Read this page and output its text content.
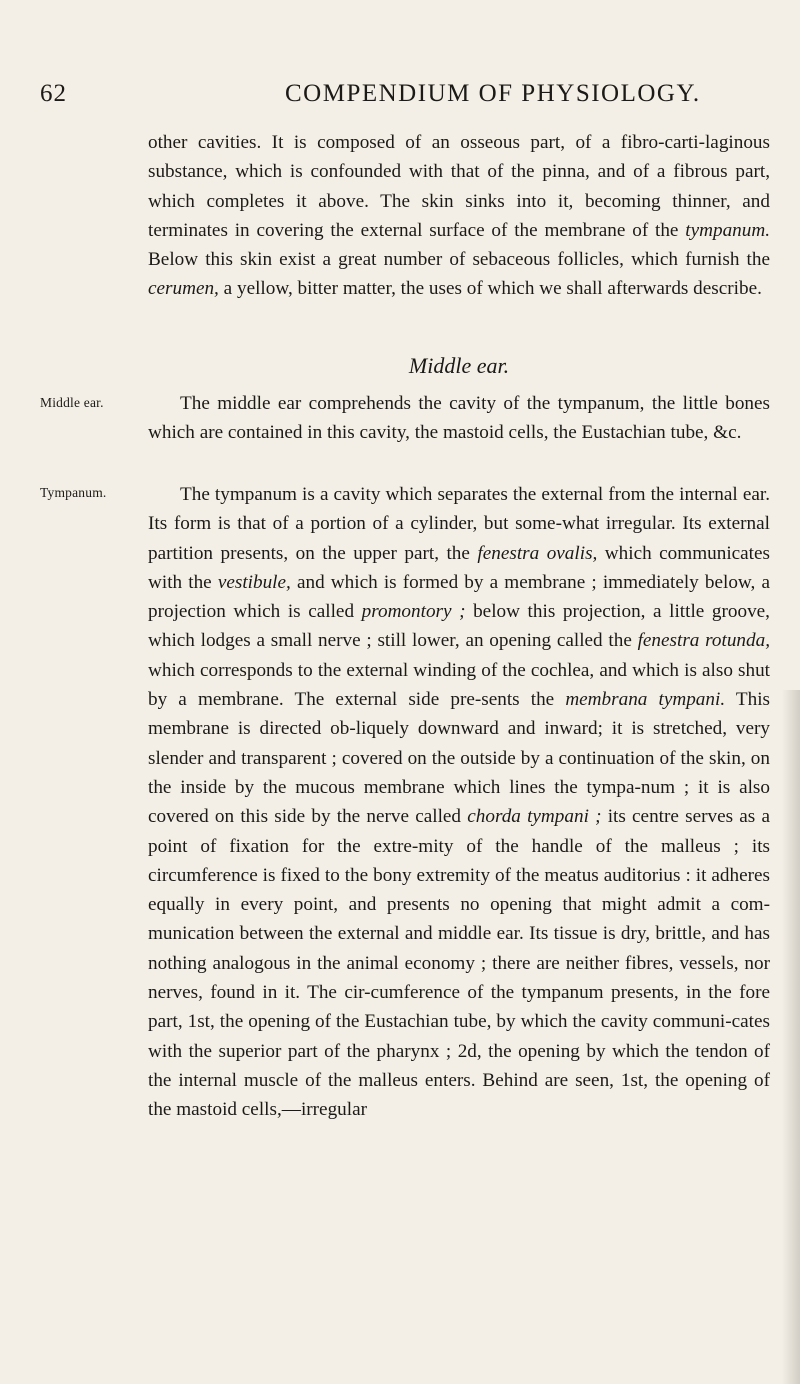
62	COMPENDIUM OF PHYSIOLOGY.

other cavities. It is composed of an osseous part, of a fibro-carti-laginous substance, which is confounded with that of the pinna, and of a fibrous part, which completes it above. The skin sinks into it, becoming thinner, and terminates in covering the external surface of the membrane of the tympanum. Below this skin exist a great number of sebaceous follicles, which furnish the cerumen, a yellow, bitter matter, the uses of which we shall afterwards describe.

Middle ear.
Middle ear.	The middle ear comprehends the cavity of the tympanum, the little bones which are contained in this cavity, the mastoid cells, the Eustachian tube, &c.

Tympanum.	The tympanum is a cavity which separates the external from the internal ear. Its form is that of a portion of a cylinder, but some-what irregular. Its external partition presents, on the upper part, the fenestra ovalis, which communicates with the vestibule, and which is formed by a membrane ; immediately below, a projection which is called promontory ; below this projection, a little groove, which lodges a small nerve ; still lower, an opening called the fenestra rotunda, which corresponds to the external winding of the cochlea, and which is also shut by a membrane. The external side pre-sents the membrana tympani. This membrane is directed ob-liquely downward and inward; it is stretched, very slender and transparent ; covered on the outside by a continuation of the skin, on the inside by the mucous membrane which lines the tympa-num ; it is also covered on this side by the nerve called chorda tympani ; its centre serves as a point of fixation for the extre-mity of the handle of the malleus ; its circumference is fixed to the bony extremity of the meatus auditorius : it adheres equally in every point, and presents no opening that might admit a com-munication between the external and middle ear. Its tissue is dry, brittle, and has nothing analogous in the animal economy ; there are neither fibres, vessels, nor nerves, found in it. The cir-cumference of the tympanum presents, in the fore part, 1st, the opening of the Eustachian tube, by which the cavity communi-cates with the superior part of the pharynx ; 2d, the opening by which the tendon of the internal muscle of the malleus enters. Behind are seen, 1st, the opening of the mastoid cells,—irregular
